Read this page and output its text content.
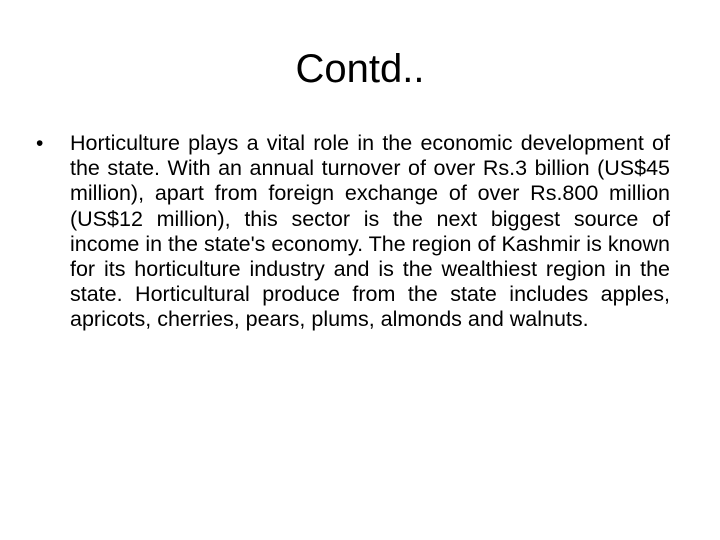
Contd..
•	Horticulture plays a vital role in the economic development of the state. With an annual turnover of over Rs.3 billion (US$45 million), apart from foreign exchange of over Rs.800 million (US$12 million), this sector is the next biggest source of income in the state's economy. The region of Kashmir is known for its horticulture industry and is the wealthiest region in the state. Horticultural produce from the state includes apples, apricots, cherries, pears, plums, almonds and walnuts.
